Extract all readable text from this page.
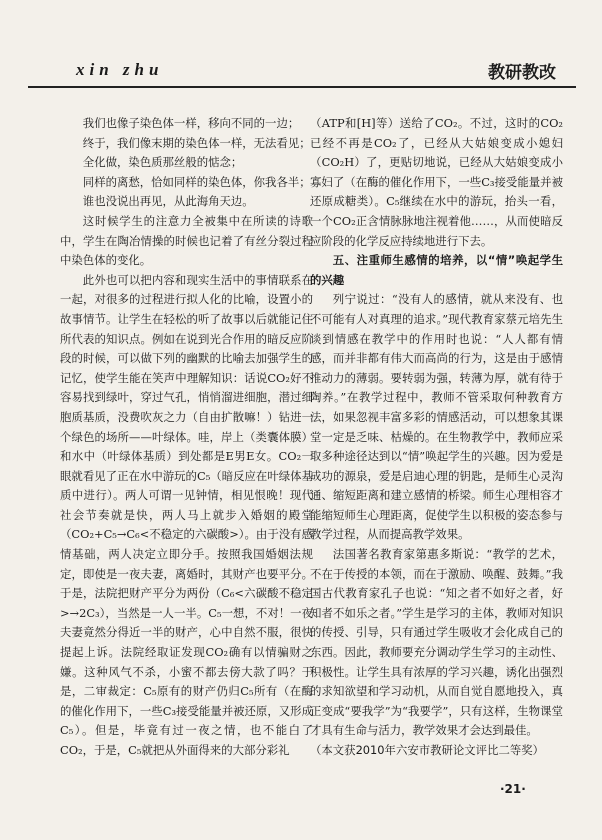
xin zhu	教研教改

我们也像子染色体一样，移向不同的一边；

终于，我们像末期的染色体一样，无法看见；

全化做，染色质那丝般的惦念；

同样的离愁，恰如同样的染色体，你我各半；

谁也没说出再见，从此海角天边。

这时候学生的注意力全被集中在所读的诗歌中，学生在陶冶情操的时候也记着了有丝分裂过程中染色体的变化。

此外也可以把内容和现实生活中的事情联系在一起，对很多的过程进行拟人化的比喻，设置小的故事情节。让学生在轻松的听了故事以后就能记住所代表的知识点。例如在说到光合作用的暗反应阶段的时候，可以做下列的幽默的比喻去加强学生的记忆，使学生能在笑声中理解知识：话说CO₂好不容易找到绿叶，穿过气孔，悄悄溜进细胞，潜过细胞质基质，没费吹灰之力（自由扩散嘛！）钻进一个绿色的场所——叶绿体。哇，岸上（类囊体膜）和水中（叶绿体基质）到处都是E男E女。CO₂一眼就看见了正在水中游玩的C₅（暗反应在叶绿体基质中进行）。两人可谓一见钟情，相见恨晚！现代社会节奏就是快，两人马上就步入婚姻的殿堂（CO₂+C₅→C₆<不稳定的六碳酸>）。由于没有感情基础，两人决定立即分手。按照我国婚姻法规定，即使是一夜夫妻，离婚时，其财产也要平分。于是，法院把财产平分为两份（C₆<六碳酸不稳定>→2C₃），当然是一人一半。C₅一想，不对！一夜夫妻竟然分得近一半的财产，心中自然不服，很快提起上诉。法院经取证发现CO₂确有以情骗财之嫌。这种风气不杀，小蜜不都去傍大款了吗？于是，二审裁定：C₅原有的财产仍归C₅所有（在酶的催化作用下，一些C₃接受能量并被还原，又形成C₅）。但是，毕竟有过一夜之情，也不能白了CO₂，于是，C₅就把从外面得来的大部分彩礼

（ATP和[H]等）送给了CO₂。不过，这时的CO₂已经不再是CO₂了，已经从大姑娘变成小媳妇（CO₂H）了，更贴切地说，已经从大姑娘变成小寡妇了（在酶的催化作用下，一些C₃接受能量并被还原成糖类）。C₅继续在水中的游玩，抬头一看，一个CO₂正含情脉脉地注视着他……，从而使暗反应阶段的化学反应持续地进行下去。

五、注重师生感情的培养，以“情”唤起学生的兴趣

列宁说过：“没有人的感情，就从来没有、也不可能有人对真理的追求。”现代教育家蔡元培先生谈到情感在教学中的作用时也说：“人人都有情感，而并非都有伟大而高尚的行为，这是由于感情推动力的薄弱。要转弱为强，转薄为厚，就有待于陶养。”在教学过程中，教师不管采取何种教育方法，如果忽视丰富多彩的情感活动，可以想象其课堂一定是乏味、枯燥的。在生物教学中，教师应采取多种途径达到以“情”唤起学生的兴趣。因为爱是成功的源泉，爱是启迪心理的钥匙，是师生心灵沟通、缩短距离和建立感情的桥梁。师生心理相容才能缩短师生心理距离，促使学生以积极的姿态参与教学过程，从而提高教学效果。

法国著名教育家第惠多斯说：“教学的艺术，不在于传授的本领，而在于激励、唤醒、鼓舞。”我国古代教育家孔子也说：“知之者不如好之者，好知者不如乐之者。”学生是学习的主体，教师对知识的传授、引导，只有通过学生吸收才会化成自己的东西。因此，教师要充分调动学生学习的主动性、积极性。让学生具有浓厚的学习兴趣，诱化出强烈的求知欲望和学习动机，从而自觉自愿地投入，真正变成“要我学”为“我要学”，只有这样，生物课堂才具有生命与活力，教学效果才会达到最佳。

（本文获2010年六安市教研论文评比二等奖）

·21·
